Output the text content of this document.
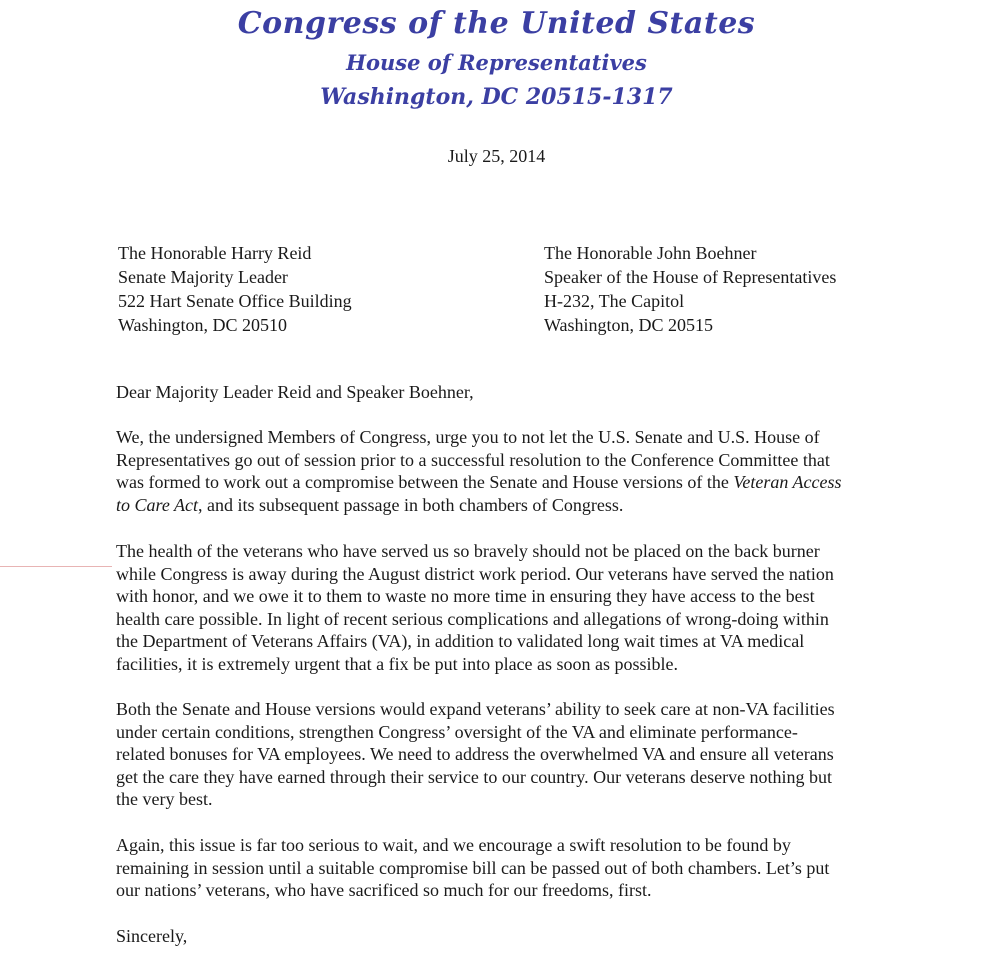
Congress of the United States
House of Representatives
Washington, DC 20515-1317
July 25, 2014
The Honorable Harry Reid
Senate Majority Leader
522 Hart Senate Office Building
Washington, DC 20510
The Honorable John Boehner
Speaker of the House of Representatives
H-232, The Capitol
Washington, DC 20515
Dear Majority Leader Reid and Speaker Boehner,
We, the undersigned Members of Congress, urge you to not let the U.S. Senate and U.S. House of
Representatives go out of session prior to a successful resolution to the Conference Committee that
was formed to work out a compromise between the Senate and House versions of the Veteran Access
to Care Act, and its subsequent passage in both chambers of Congress.
The health of the veterans who have served us so bravely should not be placed on the back burner
while Congress is away during the August district work period. Our veterans have served the nation
with honor, and we owe it to them to waste no more time in ensuring they have access to the best
health care possible. In light of recent serious complications and allegations of wrong-doing within
the Department of Veterans Affairs (VA), in addition to validated long wait times at VA medical
facilities, it is extremely urgent that a fix be put into place as soon as possible.
Both the Senate and House versions would expand veterans’ ability to seek care at non-VA facilities
under certain conditions, strengthen Congress’ oversight of the VA and eliminate performance-
related bonuses for VA employees. We need to address the overwhelmed VA and ensure all veterans
get the care they have earned through their service to our country. Our veterans deserve nothing but
the very best.
Again, this issue is far too serious to wait, and we encourage a swift resolution to be found by
remaining in session until a suitable compromise bill can be passed out of both chambers. Let’s put
our nations’ veterans, who have sacrificed so much for our freedoms, first.
Sincerely,
